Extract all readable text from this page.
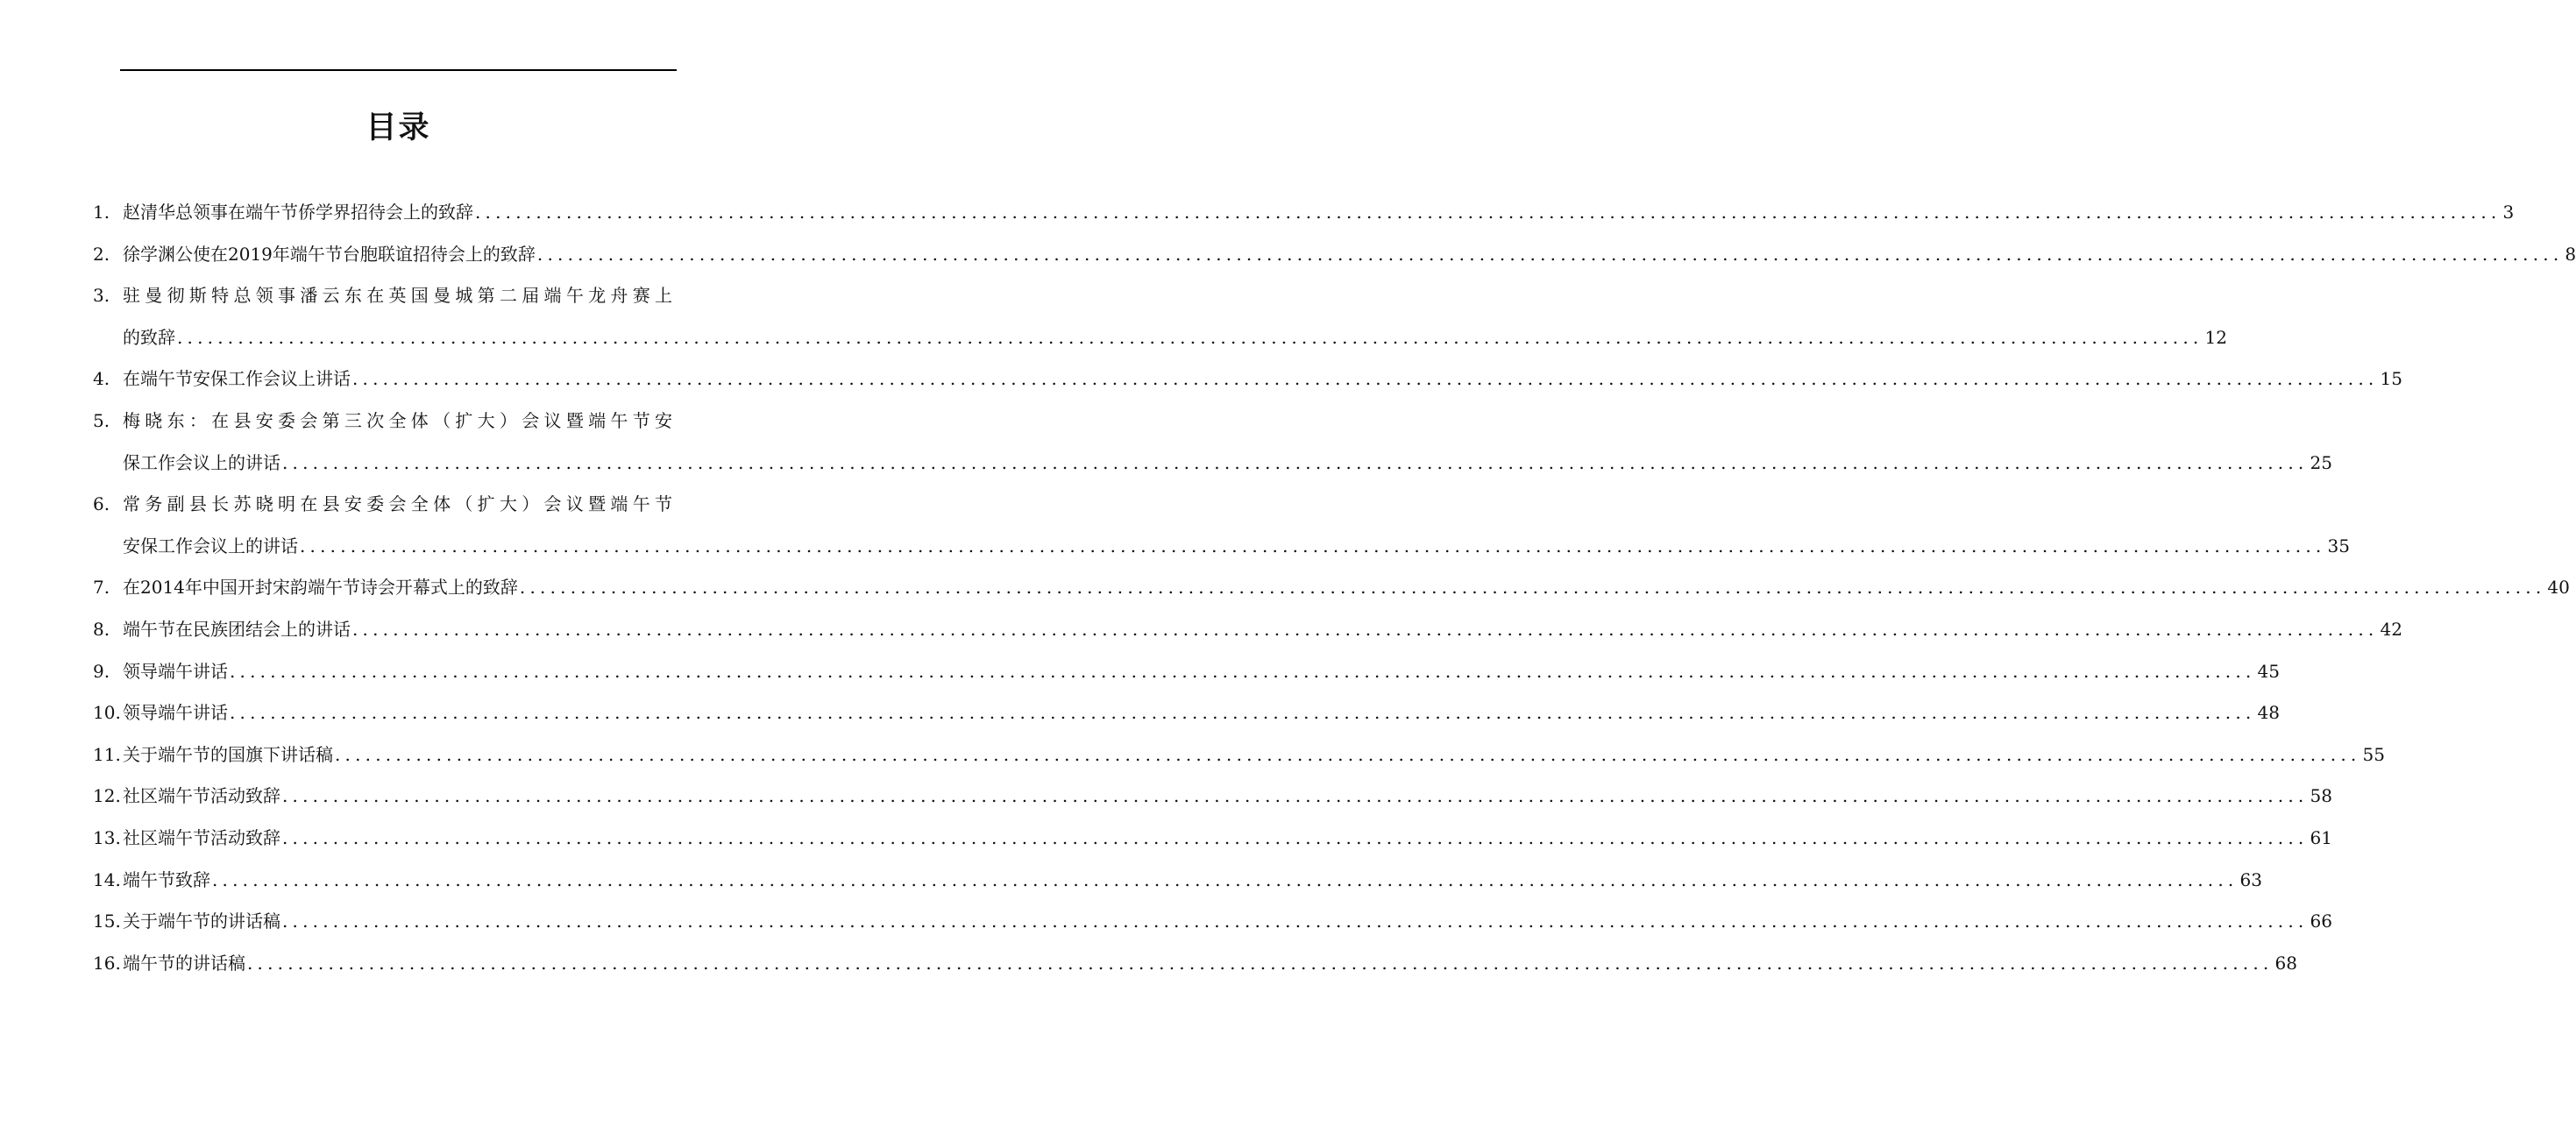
目录
1. 赵清华总领事在端午节侨学界招待会上的致辞 ........................................................................................................................................................................................................ 3
2. 徐学渊公使在2019年端午节台胞联谊招待会上的致辞 ........................................................................................................................................................................................................ 8
3. 驻曼彻斯特总领事潘云东在英国曼城第二届端午龙舟赛上
的致辞 ........................................................................................................................................................................................................ 12
4. 在端午节安保工作会议上讲话 ........................................................................................................................................................................................................ 15
5. 梅晓东：在县安委会第三次全体（扩大）会议暨端午节安
保工作会议上的讲话 ........................................................................................................................................................................................................ 25
6. 常务副县长苏晓明在县安委会全体（扩大）会议暨端午节
安保工作会议上的讲话 ........................................................................................................................................................................................................ 35
7. 在2014年中国开封宋韵端午节诗会开幕式上的致辞 ........................................................................................................................................................................................................ 40
8. 端午节在民族团结会上的讲话 ........................................................................................................................................................................................................ 42
9. 领导端午讲话 ........................................................................................................................................................................................................ 45
10. 领导端午讲话 ........................................................................................................................................................................................................ 48
11. 关于端午节的国旗下讲话稿 ........................................................................................................................................................................................................ 55
12. 社区端午节活动致辞 ........................................................................................................................................................................................................ 58
13. 社区端午节活动致辞 ........................................................................................................................................................................................................ 61
14. 端午节致辞 ........................................................................................................................................................................................................ 63
15. 关于端午节的讲话稿 ........................................................................................................................................................................................................ 66
16. 端午节的讲话稿 ........................................................................................................................................................................................................ 68
